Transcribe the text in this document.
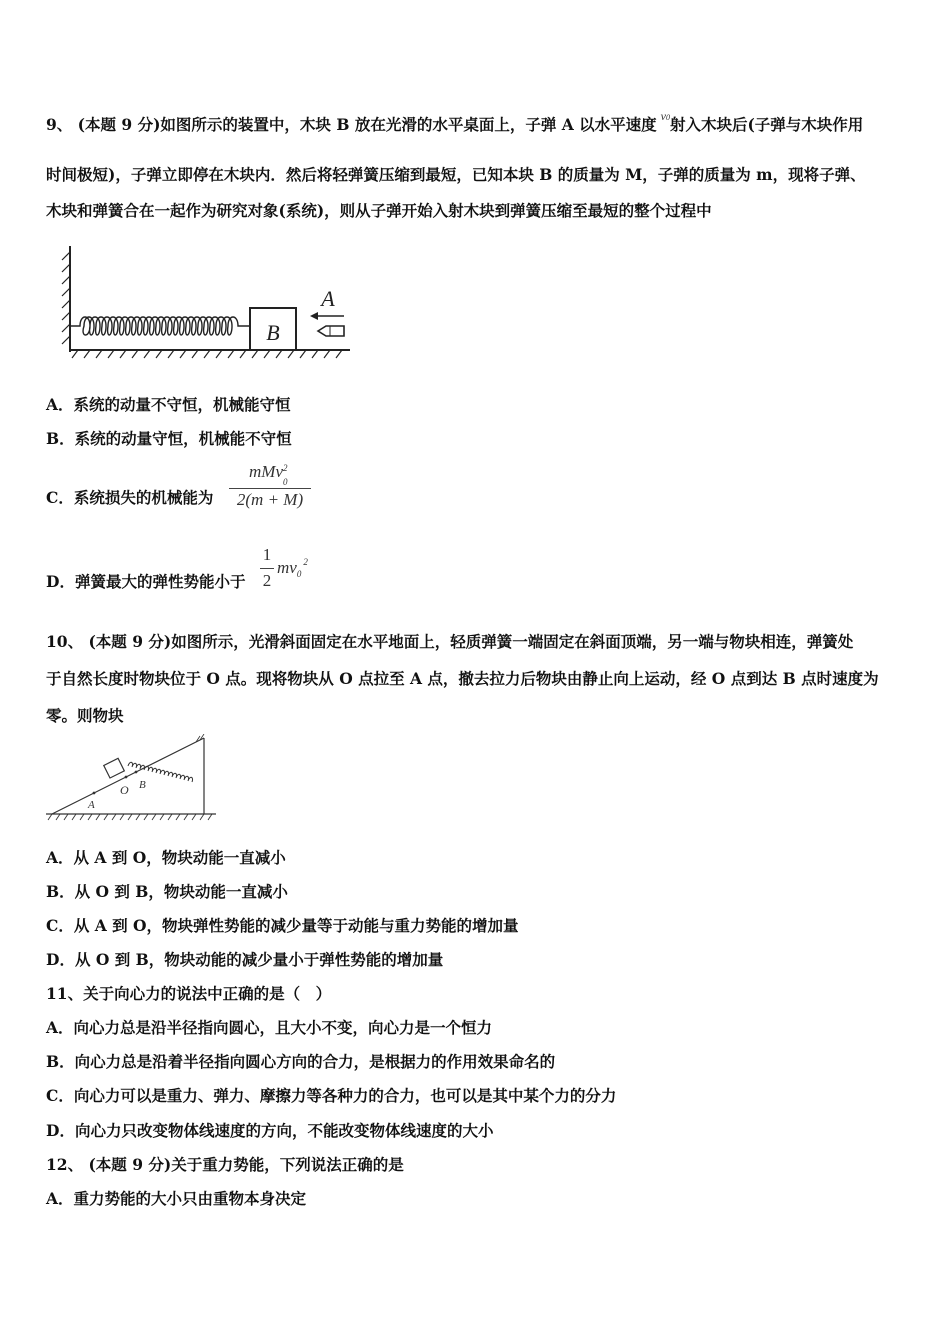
9、 (本题 9 分)如图所示的装置中，木块 B 放在光滑的水平桌面上，子弹 A 以水平速度 $^{v0}$射入木块后(子弹与木块作用
时间极短)，子弹立即停在木块内．然后将轻弹簧压缩到最短，已知本块 B 的质量为 M，子弹的质量为 m，现将子弹、
木块和弹簧合在一起作为研究对象(系统)，则从子弹开始入射木块到弹簧压缩至最短的整个过程中
B
A
A．系统的动量不守恒，机械能守恒
B．系统的动量守恒，机械能不守恒
C．系统损失的机械能为
mMv 2
0
2(m + M)
D．弹簧最大的弹性势能小于
1
2
$mv_0^2$
10、 (本题 9 分)如图所示，光滑斜面固定在水平地面上，轻质弹簧一端固定在斜面顶端，另一端与物块相连，弹簧处
于自然长度时物块位于 O 点。现将物块从 O 点拉至 A 点，撤去拉力后物块由静止向上运动，经 O 点到达 B 点时速度为
零。则物块
A
O B
A．从 A 到 O，物块动能一直减小
B．从 O 到 B，物块动能一直减小
C．从 A 到 O，物块弹性势能的减少量等于动能与重力势能的增加量
D．从 O 到 B，物块动能的减少量小于弹性势能的增加量
11、关于向心力的说法中正确的是（　）
A．向心力总是沿半径指向圆心，且大小不变，向心力是一个恒力
B．向心力总是沿着半径指向圆心方向的合力，是根据力的作用效果命名的
C．向心力可以是重力、弹力、摩擦力等各种力的合力，也可以是其中某个力的分力
D．向心力只改变物体线速度的方向，不能改变物体线速度的大小
12、 (本题 9 分)关于重力势能，下列说法正确的是
A．重力势能的大小只由重物本身决定
